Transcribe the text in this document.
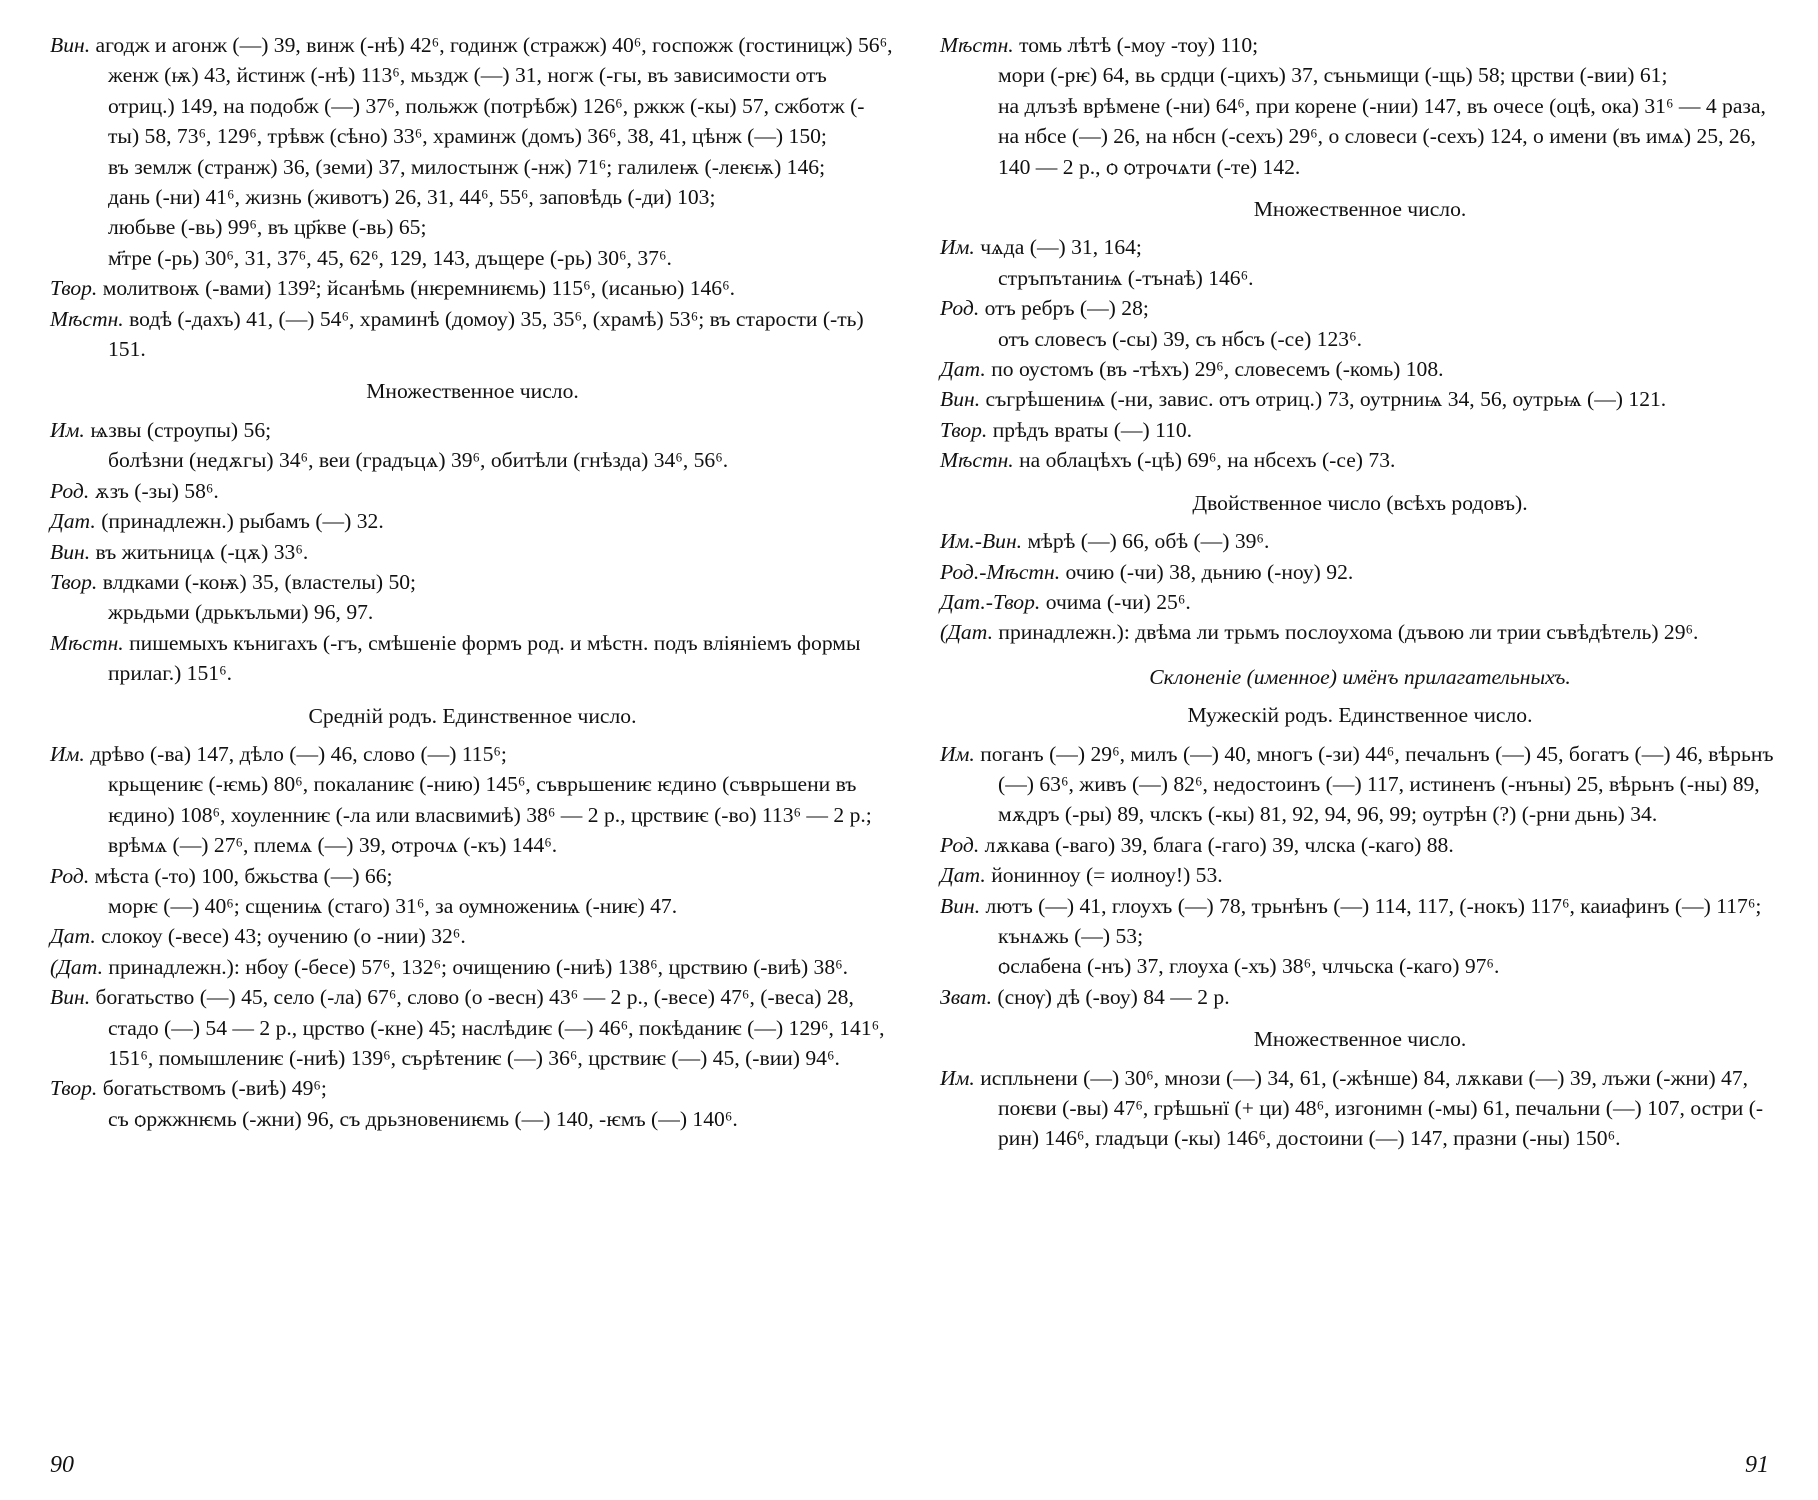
Вин. агодж и агонж (—) 39, винж (-нѣ) 42⁶, годинж (стражж) 40⁶, госпожж (гостиницж) 56⁶, женж (ѭ) 43, йстинж (-нѣ) 113⁶, мьздж (—) 31, ногж (-гы, въ зависимости отъ отриц.) 149, на подобж (—) 37⁶, польжж (потрѣбж) 126⁶, ржкж (-кы) 57, сжботж (-ты) 58, 73⁶, 129⁶, трѣвж (сѣно) 33⁶, храминж (домъ) 36⁶, 38, 41, цѣнж (—) 150;

въ землж (странж) 36, (земи) 37, милостынж (-нж) 71⁶; галилеѭ (-леѥѭ) 146;

дань (-ни) 41⁶, жизнь (животъ) 26, 31, 44⁶, 55⁶, заповѣдь (-ди) 103;

любьве (-вь) 99⁶, въ цр҃кве (-вь) 65;

м҃тре (-рь) 30⁶, 31, 37⁶, 45, 62⁶, 129, 143, дъщере (-рь) 30⁶, 37⁶.

Твор. молитвоѭ (-вами) 139²; йсанѣмь (нѥремниѥмь) 115⁶, (исанью) 146⁶.

Мѣстн. водѣ (-дахъ) 41, (—) 54⁶, храминѣ (домоу) 35, 35⁶, (храмѣ) 53⁶; въ старости (-ть) 151.

Множественное число.

Им. ѩзвы (строупы) 56;

болѣзни (недѫгы) 34⁶, веи (градъцѧ) 39⁶, обитѣли (гнѣзда) 34⁶, 56⁶.

Род. ѫзъ (-зы) 58⁶.

Дат. (принадлежн.) рыбамъ (—) 32.

Вин. въ житьницѧ (-цѫ) 33⁶.

Твор. влдками (-коѭ) 35, (властелы) 50;

жрьдьми (дрькъльми) 96, 97.

Мѣстн. пишемыхъ кънигахъ (-гъ, смѣшеніе формъ род. и мѣстн. подъ вліяніемъ формы прилаг.) 151⁶.

Средній родъ. Единственное число.

Им. дрѣво (-ва) 147, дѣло (—) 46, слово (—) 115⁶;

крьщениѥ (-ѥмь) 80⁶, покаланиѥ (-нию) 145⁶, съврьшениѥ ѥдино (съврьшени въ ѥдино) 108⁶, хоуленниѥ (-ла или власвимиѣ) 38⁶ — 2 р., црствиѥ (-во) 113⁶ — 2 р.;

врѣмѧ (—) 27⁶, племѧ (—) 39, ѻтрочѧ (-къ) 144⁶.

Род. мѣста (-то) 100, бжьства (—) 66;

морѥ (—) 40⁶; сщениѩ (стаго) 31⁶, за оумножениѩ (-ниѥ) 47.

Дат. слокоу (-весе) 43; оучению (о -нии) 32⁶.

(Дат. принадлежн.): нбоу (-бесе) 57⁶, 132⁶; очищению (-ниѣ) 138⁶, црствию (-виѣ) 38⁶.

Вин. богатьство (—) 45, село (-ла) 67⁶, слово (о -весн) 43⁶ — 2 р., (-весе) 47⁶, (-веса) 28, стадо (—) 54 — 2 р., црство (-кне) 45; наслѣдиѥ (—) 46⁶, покѣданиѥ (—) 129⁶, 141⁶, 151⁶, помышлениѥ (-ниѣ) 139⁶, сърѣтениѥ (—) 36⁶, црствиѥ (—) 45, (-вии) 94⁶.

Твор. богатьствомъ (-виѣ) 49⁶;

съ ѻржжнѥмь (-жни) 96, съ дрьзновениѥмь (—) 140, -ѥмъ (—) 140⁶.

Мѣстн. томь лѣтѣ (-моу -тоу) 110;

мори (-рѥ) 64, вь срдци (-цихъ) 37, съньмищи (-щь) 58; црстви (-вии) 61;

на длъзѣ врѣмене (-ни) 64⁶, при корене (-нии) 147, въ очесе (оцѣ, ока) 31⁶ — 4 раза, на нбсе (—) 26, на нбсн (-сехъ) 29⁶, о словеси (-сехъ) 124, о имени (въ имѧ) 25, 26, 140 — 2 р., ѻ ѻтрочѧти (-те) 142.

Множественное число.

Им. чѧда (—) 31, 164;

стръпътаниѩ (-тънаѣ) 146⁶.

Род. отъ ребръ (—) 28;

отъ словесъ (-сы) 39, съ нбсъ (-се) 123⁶.

Дат. по оустомъ (въ -тѣхъ) 29⁶, словесемъ (-комь) 108.

Вин. съгрѣшениѩ (-ни, завис. отъ отриц.) 73, оутрниѩ 34, 56, оутрьѩ (—) 121.

Твор. прѣдъ враты (—) 110.

Мѣстн. на облацѣхъ (-цѣ) 69⁶, на нбсехъ (-се) 73.

Двойственное число (всѣхъ родовъ).

Им.-Вин. мѣрѣ (—) 66, обѣ (—) 39⁶.

Род.-Мѣстн. очию (-чи) 38, дьнию (-ноу) 92.

Дат.-Твор. очима (-чи) 25⁶.

(Дат. принадлежн.): двѣма ли трьмъ послоухома (дъвою ли трии съвѣдѣтель) 29⁶.

Склоненіе (именное) имёнъ прилагательныхъ.
Мужескій родъ. Единственное число.

Им. поганъ (—) 29⁶, милъ (—) 40, многъ (-зи) 44⁶, печальнъ (—) 45, богатъ (—) 46, вѣрьнъ (—) 63⁶, живъ (—) 82⁶, недостоинъ (—) 117, истиненъ (-нъны) 25, вѣрьнъ (-ны) 89, мѫдръ (-ры) 89, члскъ (-кы) 81, 92, 94, 96, 99; оутрѣн (?) (-рни дьнь) 34.

Род. лѫкава (-ваго) 39, блага (-гаго) 39, члска (-каго) 88.

Дат. йонинноу (= иолноу!) 53.

Вин. лютъ (—) 41, глоухъ (—) 78, трьнѣнъ (—) 114, 117, (-нокъ) 117⁶, каиафинъ (—) 117⁶; кънѧжь (—) 53;

ѻслабена (-нъ) 37, глоуха (-хъ) 38⁶, члчьска (-каго) 97⁶.

Зват. (снѹ) дѣ (-воу) 84 — 2 р.

Множественное число.

Им. испльнени (—) 30⁶, мнози (—) 34, 61, (-жѣнше) 84, лѫкави (—) 39, лъжи (-жни) 47, поѥви (-вы) 47⁶, грѣшьнї (+ ци) 48⁶, изгонимн (-мы) 61, печальни (—) 107, остри (-рин) 146⁶, гладъци (-кы) 146⁶, достоини (—) 147, празни (-ны) 150⁶.

90	91
